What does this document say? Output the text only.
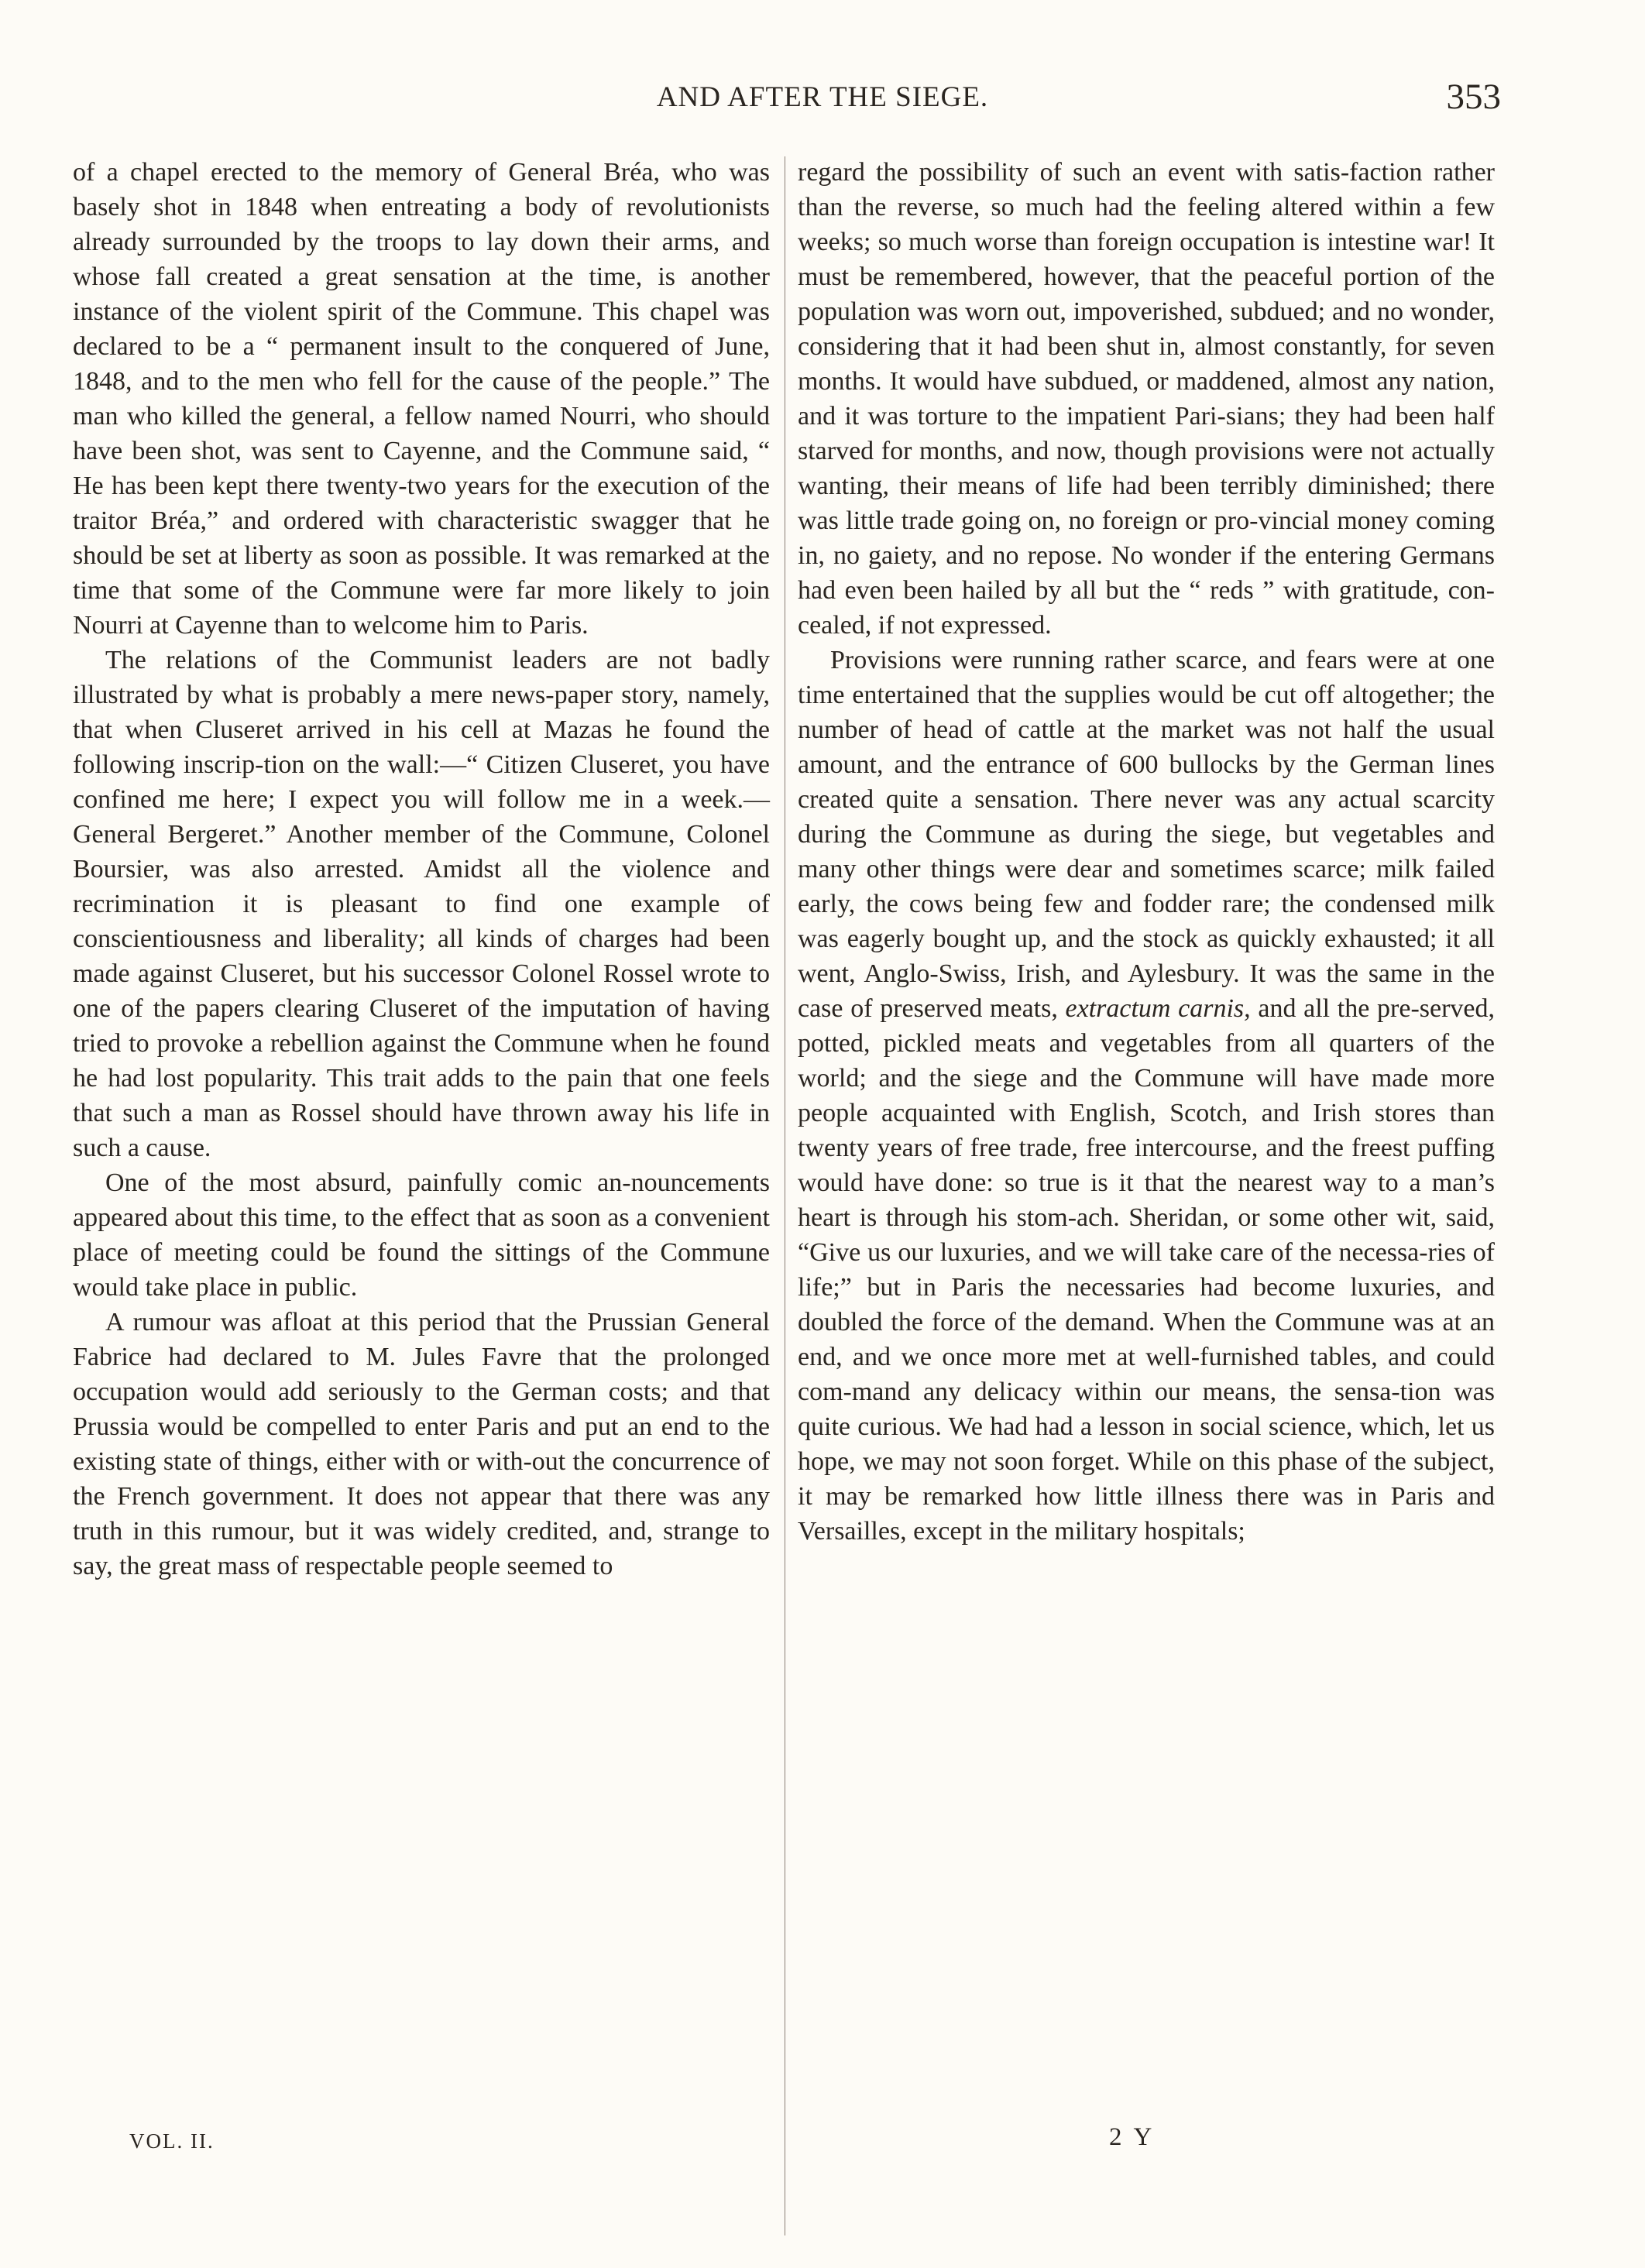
AND AFTER THE SIEGE.	353

of a chapel erected to the memory of General Bréa, who was basely shot in 1848 when entreating a body of revolutionists already surrounded by the troops to lay down their arms, and whose fall created a great sensation at the time, is another instance of the violent spirit of the Commune. This chapel was declared to be a “ permanent insult to the conquered of June, 1848, and to the men who fell for the cause of the people.” The man who killed the general, a fellow named Nourri, who should have been shot, was sent to Cayenne, and the Commune said, “ He has been kept there twenty-two years for the execution of the traitor Bréa,” and ordered with characteristic swagger that he should be set at liberty as soon as possible. It was remarked at the time that some of the Commune were far more likely to join Nourri at Cayenne than to welcome him to Paris.

The relations of the Communist leaders are not badly illustrated by what is probably a mere news-paper story, namely, that when Cluseret arrived in his cell at Mazas he found the following inscrip-tion on the wall:—“ Citizen Cluseret, you have confined me here; I expect you will follow me in a week.—General Bergeret.” Another member of the Commune, Colonel Boursier, was also arrested. Amidst all the violence and recrimination it is pleasant to find one example of conscientiousness and liberality; all kinds of charges had been made against Cluseret, but his successor Colonel Rossel wrote to one of the papers clearing Cluseret of the imputation of having tried to provoke a rebellion against the Commune when he found he had lost popularity. This trait adds to the pain that one feels that such a man as Rossel should have thrown away his life in such a cause.

One of the most absurd, painfully comic an-nouncements appeared about this time, to the effect that as soon as a convenient place of meeting could be found the sittings of the Commune would take place in public.

A rumour was afloat at this period that the Prussian General Fabrice had declared to M. Jules Favre that the prolonged occupation would add seriously to the German costs; and that Prussia would be compelled to enter Paris and put an end to the existing state of things, either with or with-out the concurrence of the French government. It does not appear that there was any truth in this rumour, but it was widely credited, and, strange to say, the great mass of respectable people seemed to

regard the possibility of such an event with satis-faction rather than the reverse, so much had the feeling altered within a few weeks; so much worse than foreign occupation is intestine war! It must be remembered, however, that the peaceful portion of the population was worn out, impoverished, subdued; and no wonder, considering that it had been shut in, almost constantly, for seven months. It would have subdued, or maddened, almost any nation, and it was torture to the impatient Pari-sians; they had been half starved for months, and now, though provisions were not actually wanting, their means of life had been terribly diminished; there was little trade going on, no foreign or pro-vincial money coming in, no gaiety, and no repose. No wonder if the entering Germans had even been hailed by all but the “ reds ” with gratitude, con-cealed, if not expressed.

Provisions were running rather scarce, and fears were at one time entertained that the supplies would be cut off altogether; the number of head of cattle at the market was not half the usual amount, and the entrance of 600 bullocks by the German lines created quite a sensation. There never was any actual scarcity during the Commune as during the siege, but vegetables and many other things were dear and sometimes scarce; milk failed early, the cows being few and fodder rare; the condensed milk was eagerly bought up, and the stock as quickly exhausted; it all went, Anglo-Swiss, Irish, and Aylesbury. It was the same in the case of preserved meats, extractum carnis, and all the pre-served, potted, pickled meats and vegetables from all quarters of the world; and the siege and the Commune will have made more people acquainted with English, Scotch, and Irish stores than twenty years of free trade, free intercourse, and the freest puffing would have done: so true is it that the nearest way to a man’s heart is through his stom-ach. Sheridan, or some other wit, said, “Give us our luxuries, and we will take care of the necessa-ries of life;” but in Paris the necessaries had become luxuries, and doubled the force of the demand. When the Commune was at an end, and we once more met at well-furnished tables, and could com-mand any delicacy within our means, the sensa-tion was quite curious. We had had a lesson in social science, which, let us hope, we may not soon forget. While on this phase of the subject, it may be remarked how little illness there was in Paris and Versailles, except in the military hospitals;

VOL. II.	2 Y
